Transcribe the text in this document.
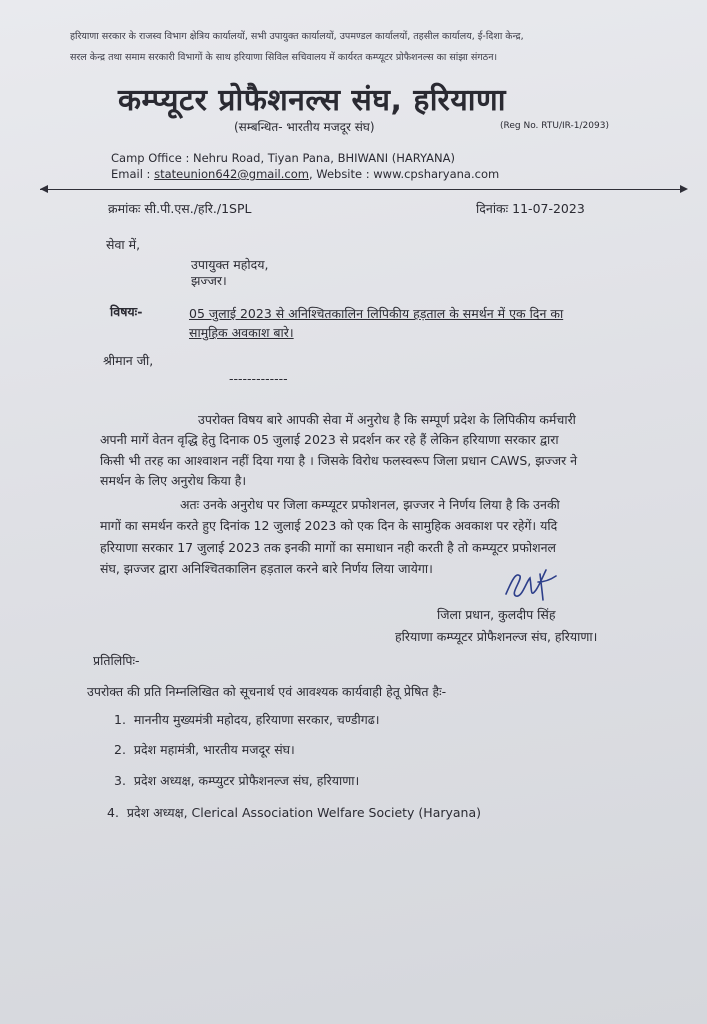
हरियाणा सरकार के राजस्व विभाग क्षेत्रिय कार्यालयों, सभी उपायुक्त कार्यालयों, उपमण्डल कार्यालयों, तहसील कार्यालय, ई-दिशा केन्द्र,
सरल केन्द्र तथा समाम सरकारी विभागों के साथ हरियाणा सिविल सचिवालय में कार्यरत कम्प्यूटर प्रोफैशनल्स का सांझा संगठन।
कम्प्यूटर प्रोफैशनल्स संघ, हरियाणा
(सम्बन्धित- भारतीय मजदूर संघ)	(Reg No. RTU/IR-1/2093)
Camp Office : Nehru Road, Tiyan Pana, BHIWANI (HARYANA)
Email : stateunion642@gmail.com, Website : www.cpsharyana.com
क्रमांकः सी.पी.एस./हरि./1SPL	दिनांकः 11-07-2023
सेवा में,
उपायुक्त महोदय,
झज्जर।
विषयः-	05 जुलाई 2023 से अनिश्चितकालिन लिपिकीय हड़ताल के समर्थन में एक दिन का
सामुहिक अवकाश बारे।
श्रीमान जी,
-------------
उपरोक्त विषय बारे आपकी सेवा में अनुरोध है कि सम्पूर्ण प्रदेश के लिपिकीय कर्मचारी
अपनी मागें वेतन वृद्धि हेतु दिनाक 05 जुलाई 2023 से प्रदर्शन कर रहे हैं लेकिन हरियाणा सरकार द्वारा
किसी भी तरह का आश्वाशन नहीं दिया गया है । जिसके विरोध फलस्वरूप जिला प्रधान CAWS, झज्जर ने
समर्थन के लिए अनुरोध किया है।
अतः उनके अनुरोध पर जिला कम्प्यूटर प्रफोशनल, झज्जर ने निर्णय लिया है कि उनकी
मागों का समर्थन करते हुए दिनांक 12 जुलाई 2023 को एक दिन के सामुहिक अवकाश पर रहेगें। यदि
हरियाणा सरकार 17 जुलाई 2023 तक इनकी मागों का समाधान नही करती है तो कम्प्यूटर प्रफोशनल
संघ, झज्जर द्वारा अनिश्चितकालिन हड़ताल करने बारे निर्णय लिया जायेगा।
जिला प्रधान, कुलदीप सिंह
हरियाणा कम्प्यूटर प्रोफैशनल्ज संघ, हरियाणा।
प्रतिलिपिः-
उपरोक्त की प्रति निम्नलिखित को सूचनार्थ एवं आवश्यक कार्यवाही हेतू प्रेषित हैः-
1. माननीय मुख्यमंत्री महोदय, हरियाणा सरकार, चण्डीगढ।
2. प्रदेश महामंत्री, भारतीय मजदूर संघ।
3. प्रदेश अध्यक्ष, कम्प्युटर प्रोफैशनल्ज संघ, हरियाणा।
4. प्रदेश अध्यक्ष, Clerical Association Welfare Society (Haryana)
